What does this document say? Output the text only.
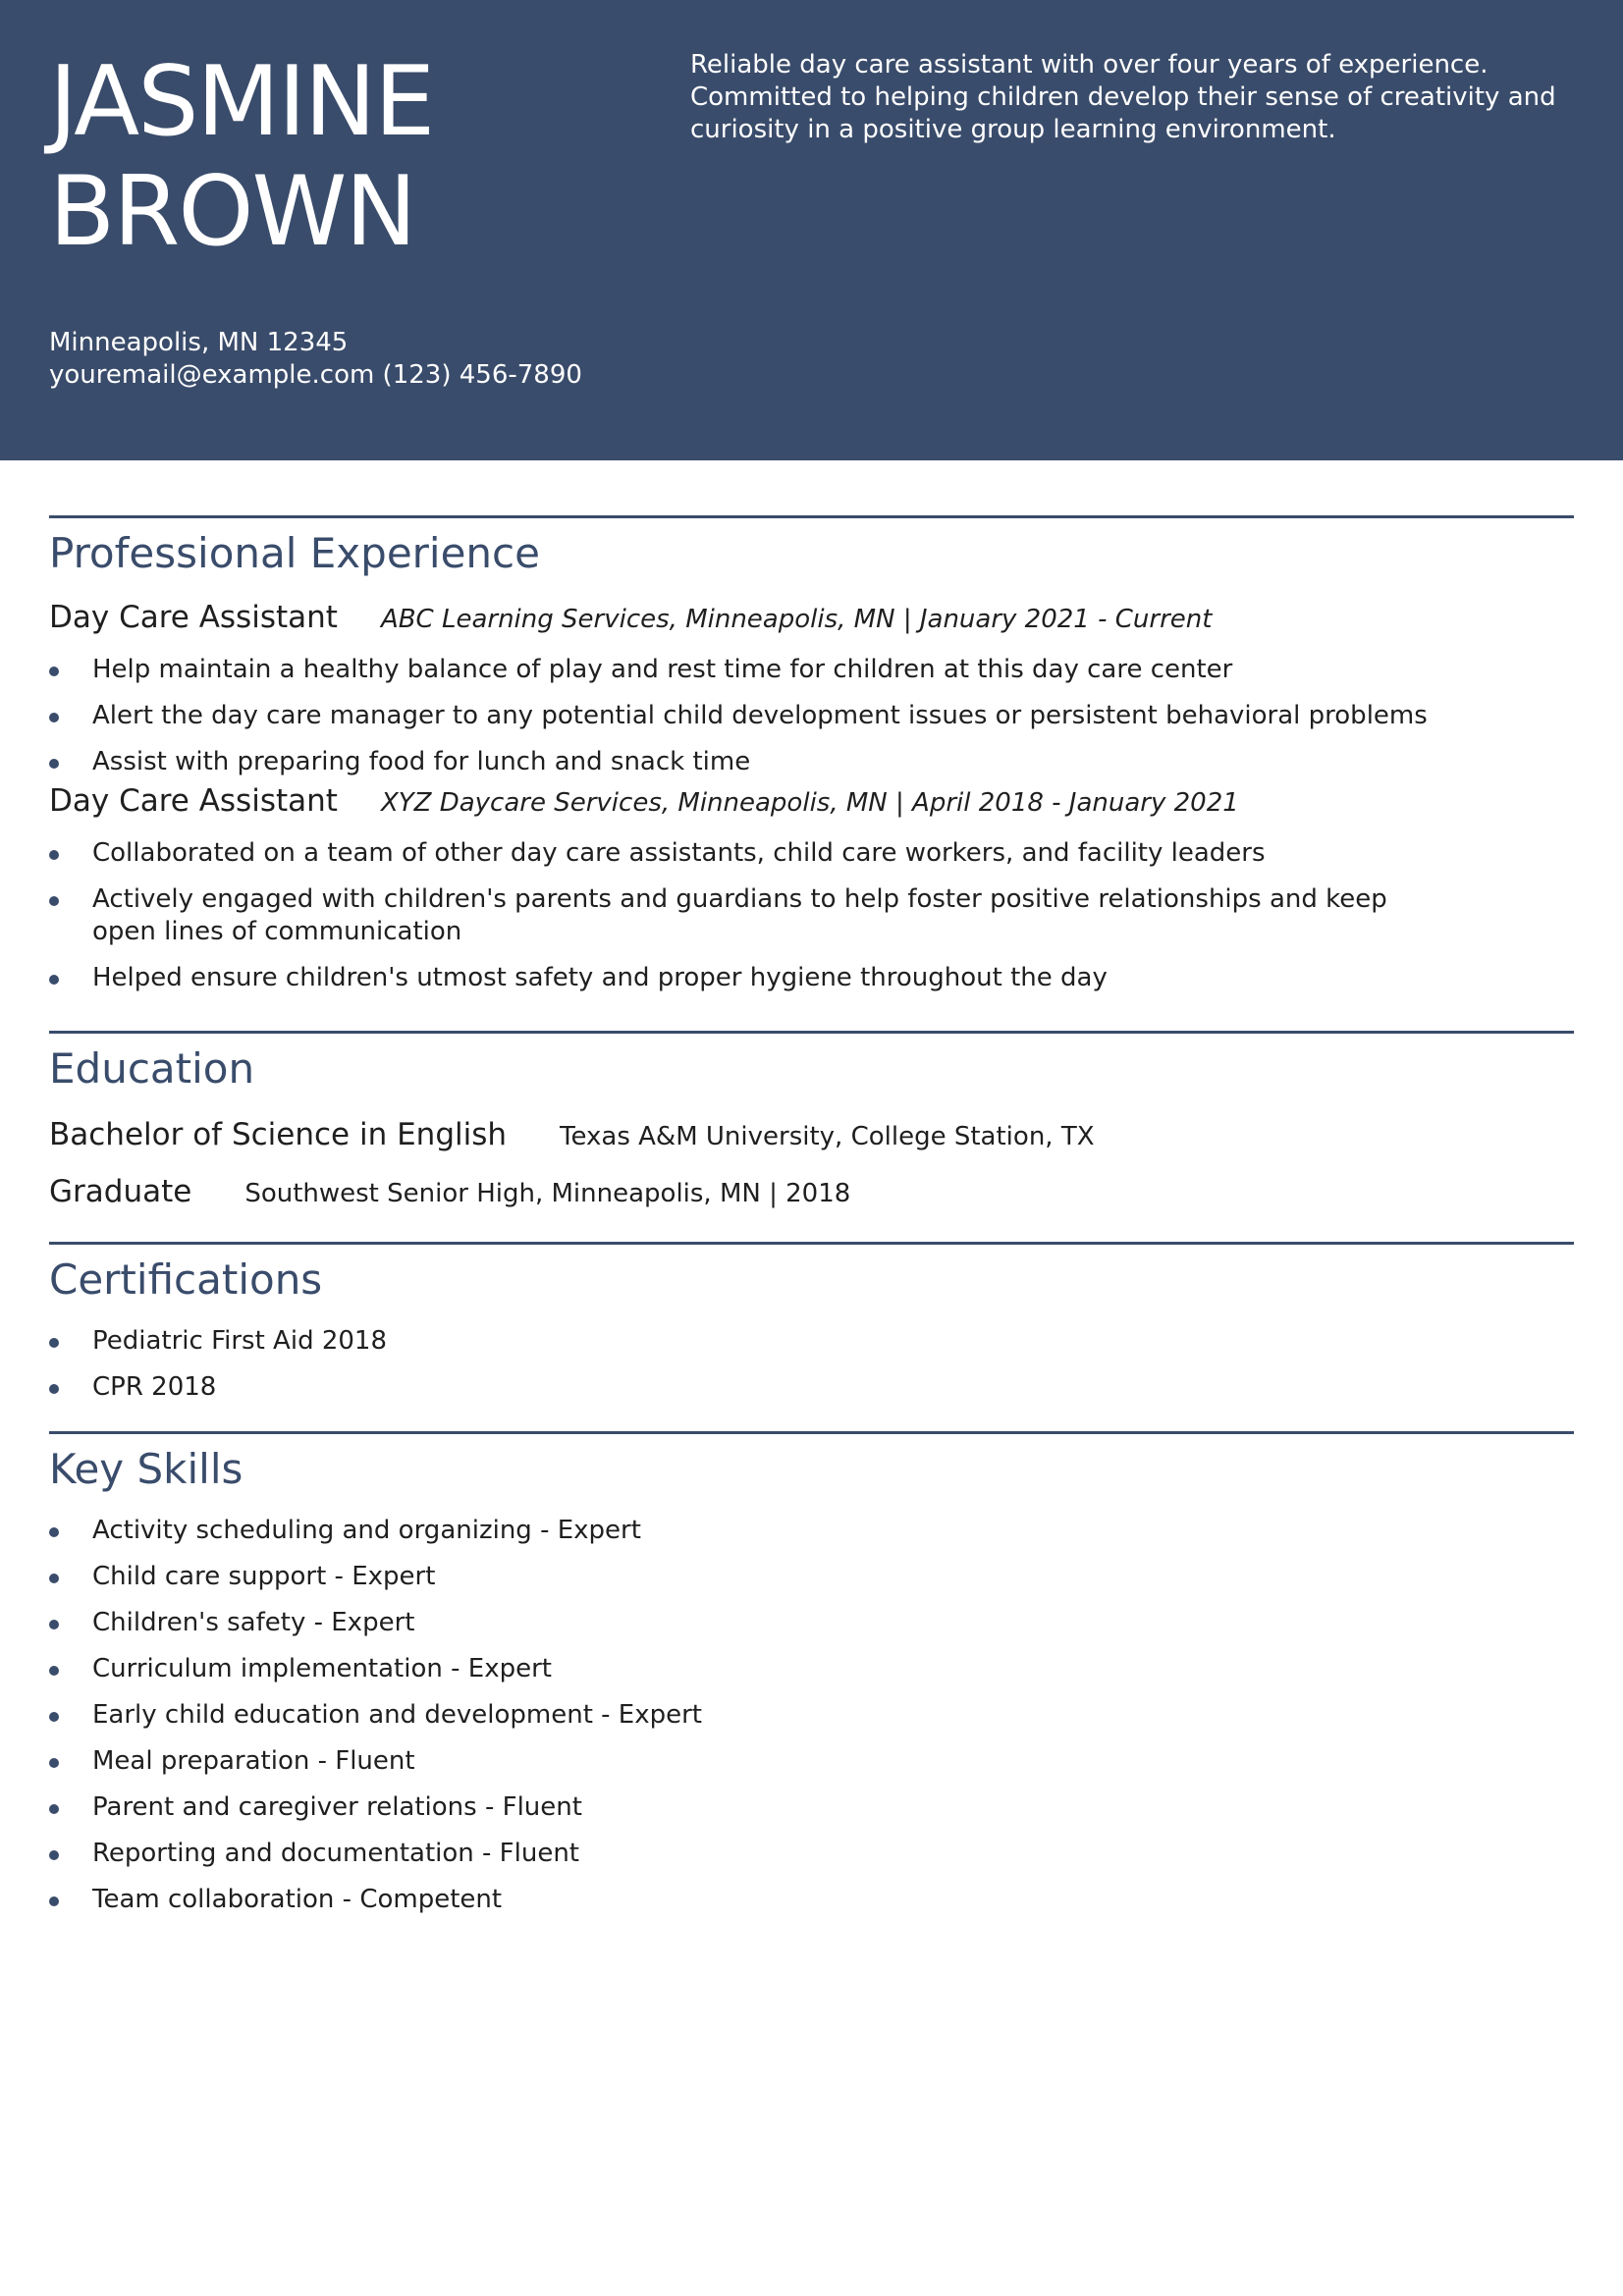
JASMINE
BROWN

Reliable day care assistant with over four years of experience. Committed to helping children develop their sense of creativity and curiosity in a positive group learning environment.

Minneapolis, MN 12345
youremail@example.com (123) 456-7890
Professional Experience
Day Care Assistant ABC Learning Services, Minneapolis, MN | January 2021 - Current
Help maintain a healthy balance of play and rest time for children at this day care center
Alert the day care manager to any potential child development issues or persistent behavioral problems
Assist with preparing food for lunch and snack time
Day Care Assistant XYZ Daycare Services, Minneapolis, MN | April 2018 - January 2021
Collaborated on a team of other day care assistants, child care workers, and facility leaders
Actively engaged with children's parents and guardians to help foster positive relationships and keep open lines of communication
Helped ensure children's utmost safety and proper hygiene throughout the day
Education
Bachelor of Science in English Texas A&M University, College Station, TX
Graduate Southwest Senior High, Minneapolis, MN | 2018
Certifications
Pediatric First Aid 2018
CPR 2018
Key Skills
Activity scheduling and organizing - Expert
Child care support - Expert
Children's safety - Expert
Curriculum implementation - Expert
Early child education and development - Expert
Meal preparation - Fluent
Parent and caregiver relations - Fluent
Reporting and documentation - Fluent
Team collaboration - Competent
